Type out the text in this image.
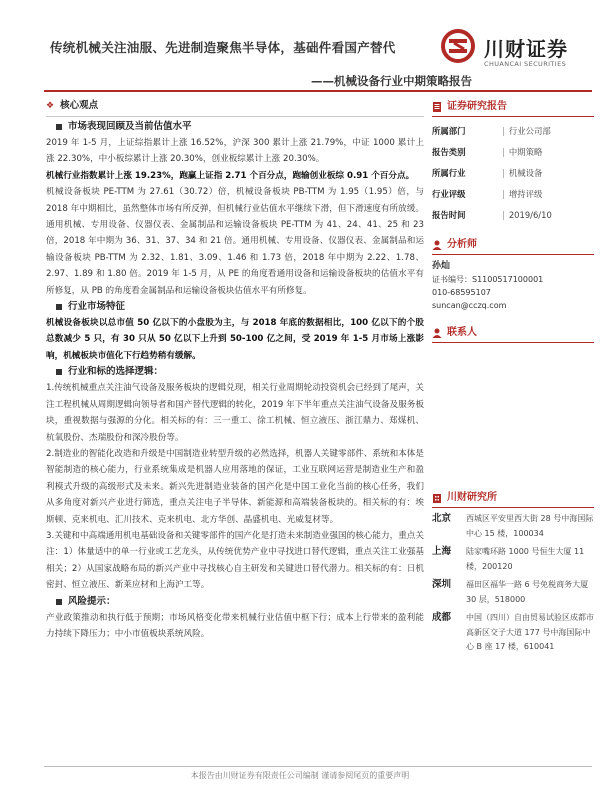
传统机械关注油服、先进制造聚焦半导体，基础件看国产替代
——机械设备行业中期策略报告
川财证券
CHUANCAI SECURITIES
❖ 核心观点
市场表现回顾及当前估值水平
2019 年 1-5 月，上证综指累计上涨 16.52%，沪深 300 累计上涨 21.79%，中证 1000 累计上涨 22.30%，中小板综累计上涨 20.30%，创业板综累计上涨 20.30%。
机械行业指数累计上涨 19.23%，跑赢上证指 2.71 个百分点，跑输创业板综 0.91 个百分点。
机械设备板块 PE-TTM 为 27.61（30.72）倍，机械设备板块 PB-TTM 为 1.95（1.95）倍，与 2018 年中期相比，虽然整体市场有所反弹，但机械行业估值水平继续下滑，但下滑速度有所放缓。通用机械、专用设备、仪器仪表、金属制品和运输设备板块 PE-TTM 为 41、24、41、25 和 23 倍，2018 年中期为 36、31、37、34 和 21 倍。通用机械、专用设备、仪器仪表、金属制品和运输设备板块 PB-TTM 为 2.32、1.81、3.09、1.46 和 1.73 倍，2018 年中期为 2.22、1.78、2.97、1.89 和 1.80 倍。2019 年 1-5 月，从 PE 的角度看通用设备和运输设备板块的估值水平有所修复，从 PB 的角度看金属制品和运输设备板块估值水平有所修复。
行业市场特征
机械设备板块以总市值 50 亿以下的小盘股为主，与 2018 年底的数据相比，100 亿以下的个股总数减少 5 只，有 30 只从 50 亿以下上升到 50-100 亿之间，受 2019 年 1-5 月市场上涨影响，机械板块市值化下行趋势稍有缓解。
行业和标的选择逻辑：
1.传统机械重点关注油气设备及服务板块的逻辑兑现，相关行业周期轮动投资机会已经到了尾声，关注工程机械从周期逻辑向领导者和国产替代逻辑的转化，2019 年下半年重点关注油气设备及服务板块，重视数据与强源的分化。相关标的有：三一重工、徐工机械、恒立液压、浙江鼎力、郑煤机、杭氧股份、杰瑞股份和深冷股份等。
2.制造业的智能化改造和升级是中国制造业转型升级的必然选择，机器人关键零部件、系统和本体是智能制造的核心能力，行业系统集成是机器人应用落地的保证，工业互联网运营是制造业生产和盈利模式升级的高级形式及未来。新兴先进制造业装备的国产化是中国工业化当前的核心任务，我们从多角度对新兴产业进行筛选，重点关注电子半导体、新能源和高端装备板块的。相关标的有：埃斯顿、克来机电、汇川技术、克来机电、北方华创、晶盛机电、光威复材等。
3.关键和中高端通用机电基础设备和关键零部件的国产化是打造未来制造业强国的核心能力，重点关注：1）体量适中的单一行业或工艺龙头，从传统优势产业中寻找进口替代逻辑，重点关注工业强基相关；2）从国家战略布局的新兴产业中寻找核心自主研发和关键进口替代潜力。相关标的有：日机密封、恒立液压、新莱应材和上海沪工等。
风险提示：
产业政策推动和执行低于预期；市场风格变化带来机械行业估值中枢下行；成本上行带来的盈利能力持续下降压力；中小市值板块系统风险。
证券研究报告
所属部门	| 行业公司部
报告类别	| 中期策略
所属行业	| 机械设备
行业评级	| 增持评级
报告时间	| 2019/6/10
分析师
孙灿
证书编号：S1100517100001
010-68595107
suncan@cczq.com
联系人
川财研究所
北京	西城区平安里西大街 28 号中海国际中心 15 楼，100034
上海	陆家嘴环路 1000 号恒生大厦 11 楼，200120
深圳	福田区福华一路 6 号免税商务大厦 30 层，518000
成都	中国（四川）自由贸易试验区成都市高新区交子大道 177 号中海国际中心 B 座 17 楼，610041
本报告由川财证券有限责任公司编制 谨请参阅尾页的重要声明
